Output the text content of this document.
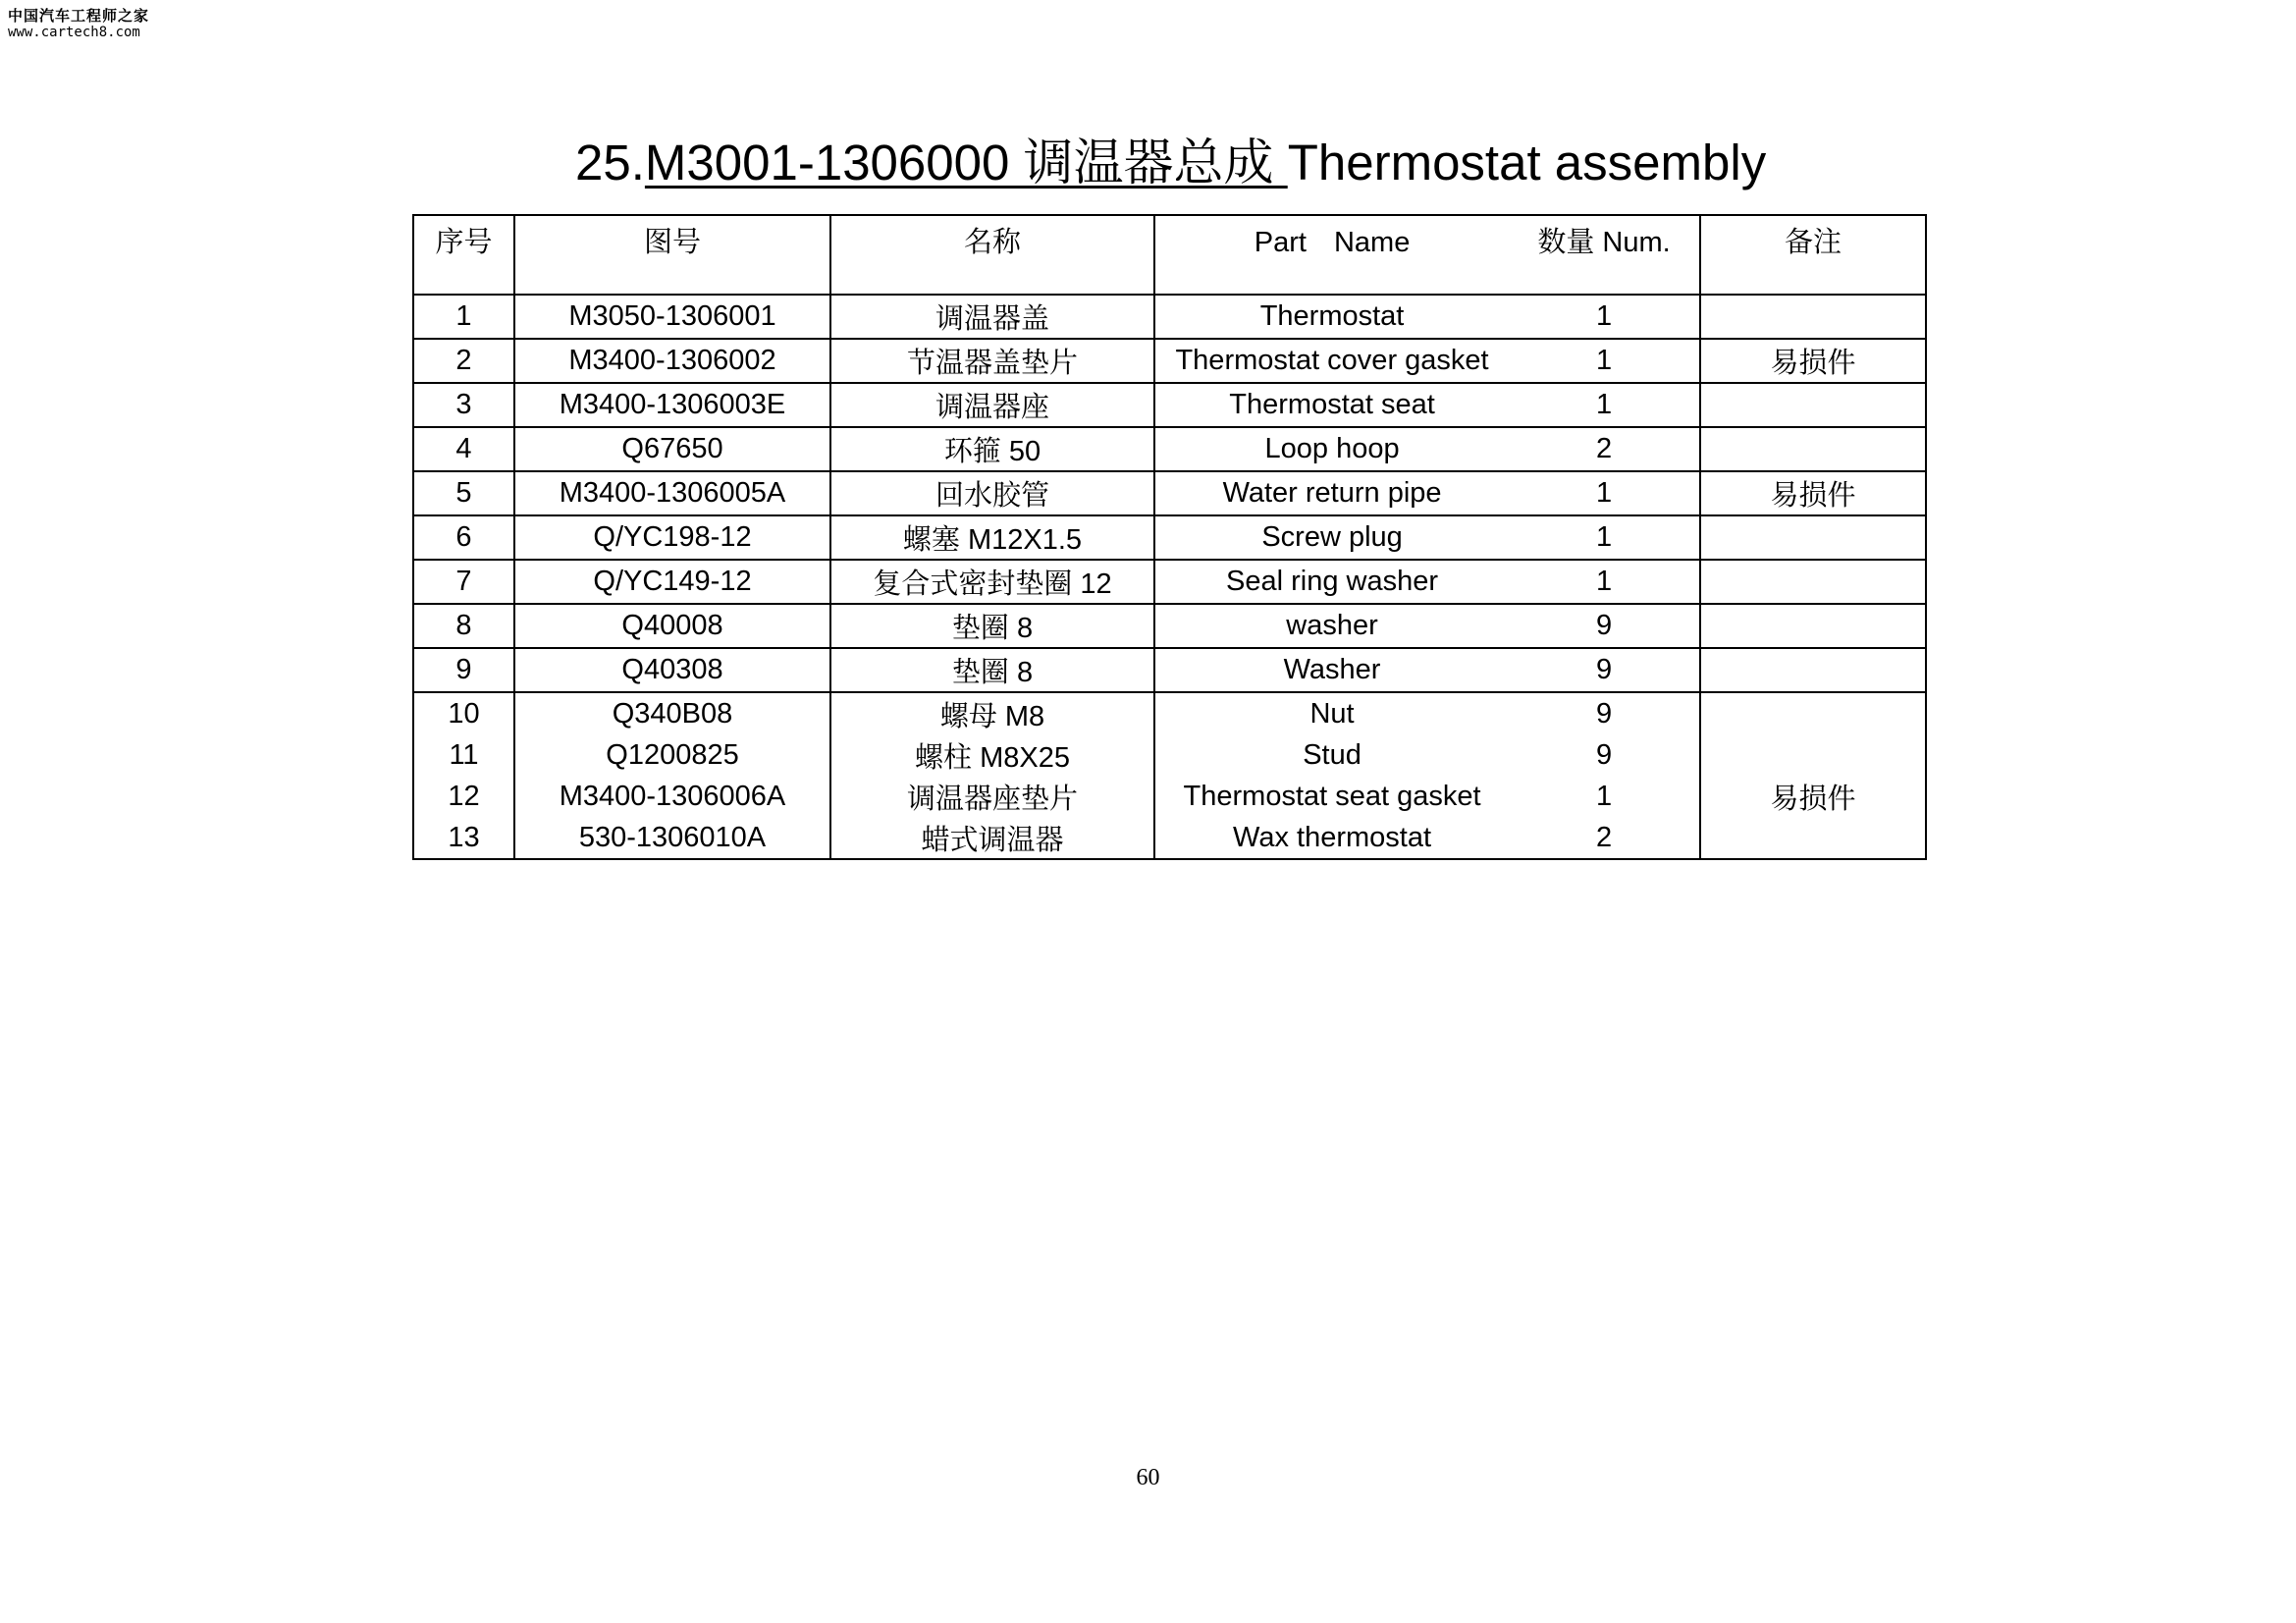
中国汽车工程师之家
www.cartech8.com
25.M3001-1306000 调温器总成 Thermostat assembly
序号	图号	名称	Part Name 数量 Num.	备注
1	M3050-1306001	调温器盖	Thermostat 1	
2	M3400-1306002	节温器盖垫片	Thermostat cover gasket 1	易损件
3	M3400-1306003E	调温器座	Thermostat seat 1	
4	Q67650	环箍 50	Loop hoop 2	
5	M3400-1306005A	回水胶管	Water return pipe 1	易损件
6	Q/YC198-12	螺塞 M12X1.5	Screw plug 1	
7	Q/YC149-12	复合式密封垫圈 12	Seal ring washer 1	
8	Q40008	垫圈 8	washer 9	
9	Q40308	垫圈 8	Washer 9	
10	Q340B08	螺母 M8	Nut 9	
11	Q1200825	螺柱 M8X25	Stud 9	
12	M3400-1306006A	调温器座垫片	Thermostat seat gasket 1	易损件
13	530-1306010A	蜡式调温器	Wax thermostat 2	
60
